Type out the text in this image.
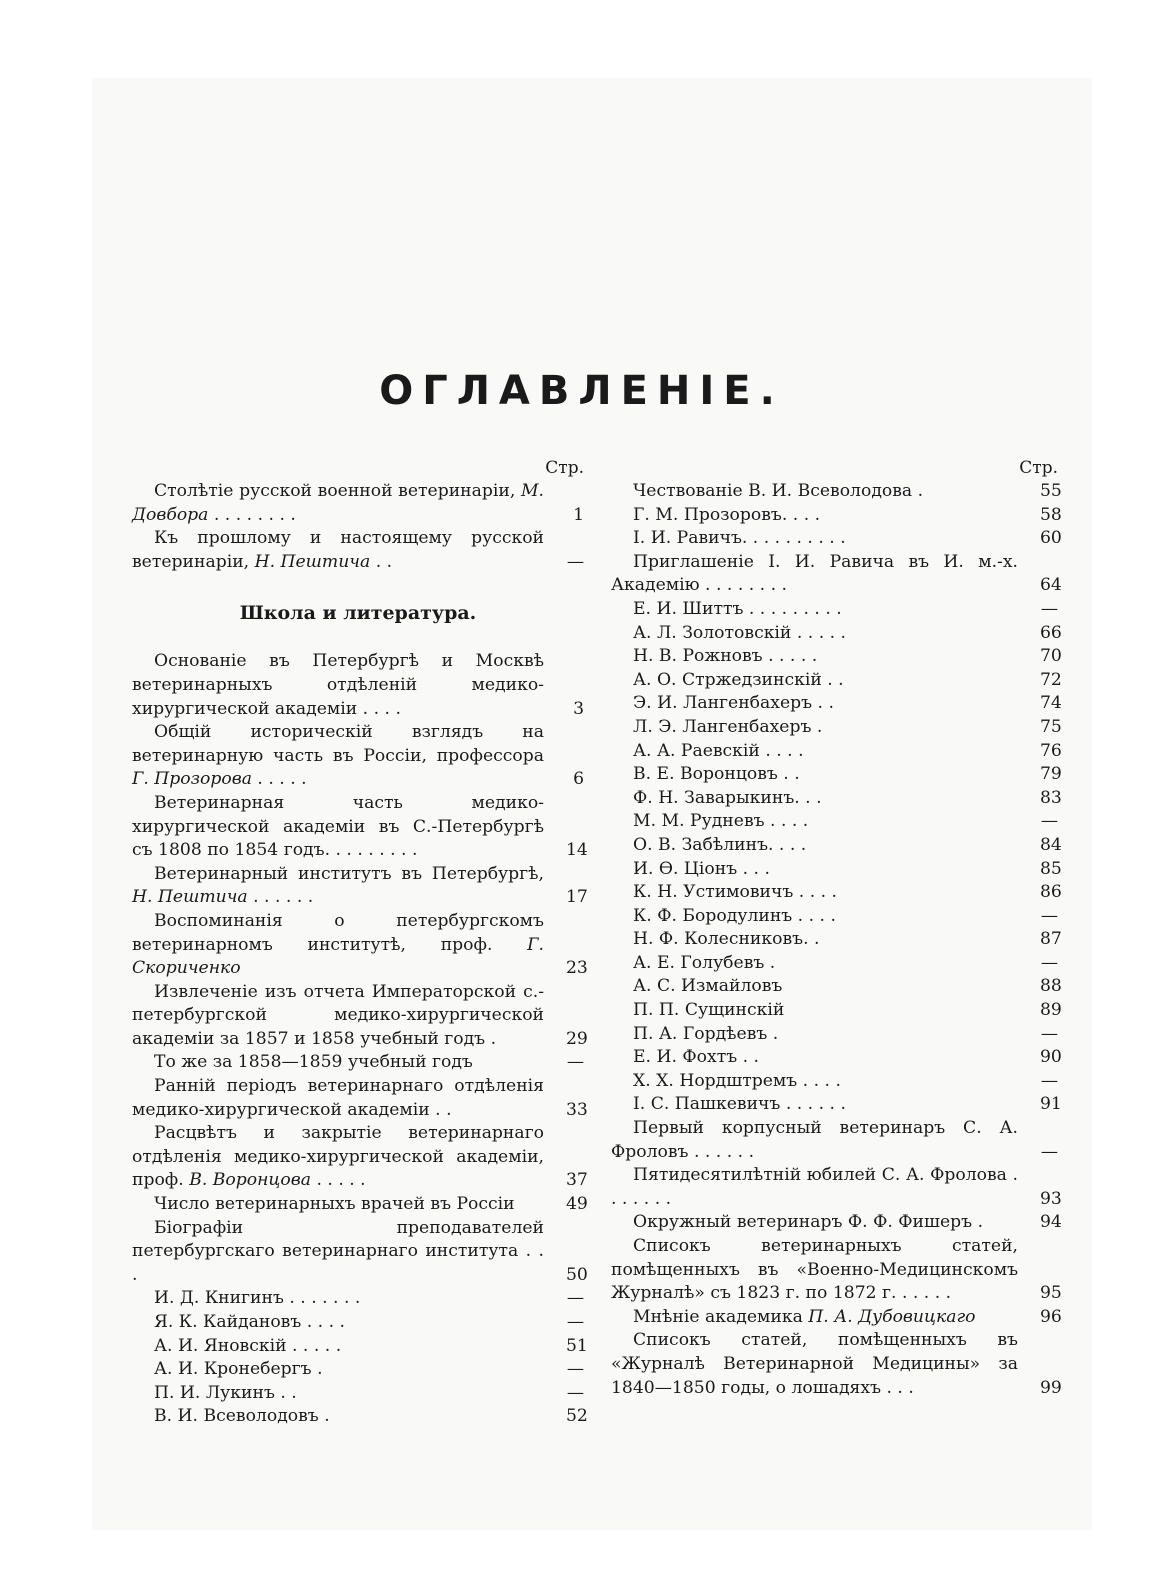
ОГЛАВЛЕНІЕ.
Стр.
Столѣтіе русской военной ветеринаріи, М. Довбора . . . . . . . .	1
Къ прошлому и настоящему русской ветеринаріи, Н. Пештича . .	—
Школа и литература.
Основаніе въ Петербургѣ и Москвѣ ветеринарныхъ отдѣленій медико-хирургической академіи . . . .	3
Общій историческій взглядъ на ветеринарную часть въ Россіи, профессора Г. Прозорова . . . . .	6
Ветеринарная часть медико-хирургической академіи въ С.-Петербургѣ съ 1808 по 1854 годъ. . . . . . . . .	14
Ветеринарный институтъ въ Петербургѣ, Н. Пештича . . . . . .	17
Воспоминанія о петербургскомъ ветеринарномъ институтѣ, проф. Г. Скориченко	23
Извлеченіе изъ отчета Императорской с.-петербургской медико-хирургической академіи за 1857 и 1858 учебный годъ .	29
То же за 1858—1859 учебный годъ	—
Ранній періодъ ветеринарнаго отдѣленія медико-хирургической академіи . .	33
Расцвѣтъ и закрытіе ветеринарнаго отдѣленія медико-хирургической академіи, проф. В. Воронцова . . . . .	37
Число ветеринарныхъ врачей въ Россіи	49
Біографіи преподавателей петербургскаго ветеринарнаго института . . .	50
И. Д. Книгинъ . . . . . . .	—
Я. К. Кайдановъ . . . .	—
А. И. Яновскій . . . . .	51
А. И. Кронебергъ .	—
П. И. Лукинъ . .	—
В. И. Всеволодовъ .	52
Стр.
Чествованіе В. И. Всеволодова .	55
Г. М. Прозоровъ. . . .	58
І. И. Равичъ. . . . . . . . . .	60
Приглашеніе І. И. Равича въ И. м.-х. Академію . . . . . . . .	64
Е. И. Шиттъ . . . . . . . . .	—
А. Л. Золотовскій . . . . .	66
Н. В. Рожновъ . . . . .	70
А. О. Стржедзинскій . .	72
Э. И. Лангенбахеръ . .	74
Л. Э. Лангенбахеръ .	75
А. А. Раевскій . . . .	76
В. Е. Воронцовъ . .	79
Ф. Н. Заварыкинъ. . .	83
М. М. Рудневъ . . . .	—
О. В. Забѣлинъ. . . .	84
И. Ѳ. Ціонъ . . .	85
К. Н. Устимовичъ . . . .	86
К. Ф. Бородулинъ . . . .	—
Н. Ф. Колесниковъ. .	87
А. Е. Голубевъ .	—
А. С. Измайловъ	88
П. П. Сущинскій	89
П. А. Гордѣевъ .	—
Е. И. Фохтъ . .	90
Х. Х. Нордштремъ . . . .	—
І. С. Пашкевичъ . . . . . .	91
Первый корпусный ветеринаръ С. А. Фроловъ . . . . . .	—
Пятидесятилѣтній юбилей С. А. Фролова . . . . . . .	93
Окружный ветеринаръ Ф. Ф. Фишеръ .	94
Списокъ ветеринарныхъ статей, помѣщенныхъ въ «Военно-Медицинскомъ Журналѣ» съ 1823 г. по 1872 г. . . . . .	95
Мнѣніе академика П. А. Дубовицкаго	96
Списокъ статей, помѣщенныхъ въ «Журналѣ Ветеринарной Медицины» за 1840—1850 годы, о лошадяхъ . . .	99
